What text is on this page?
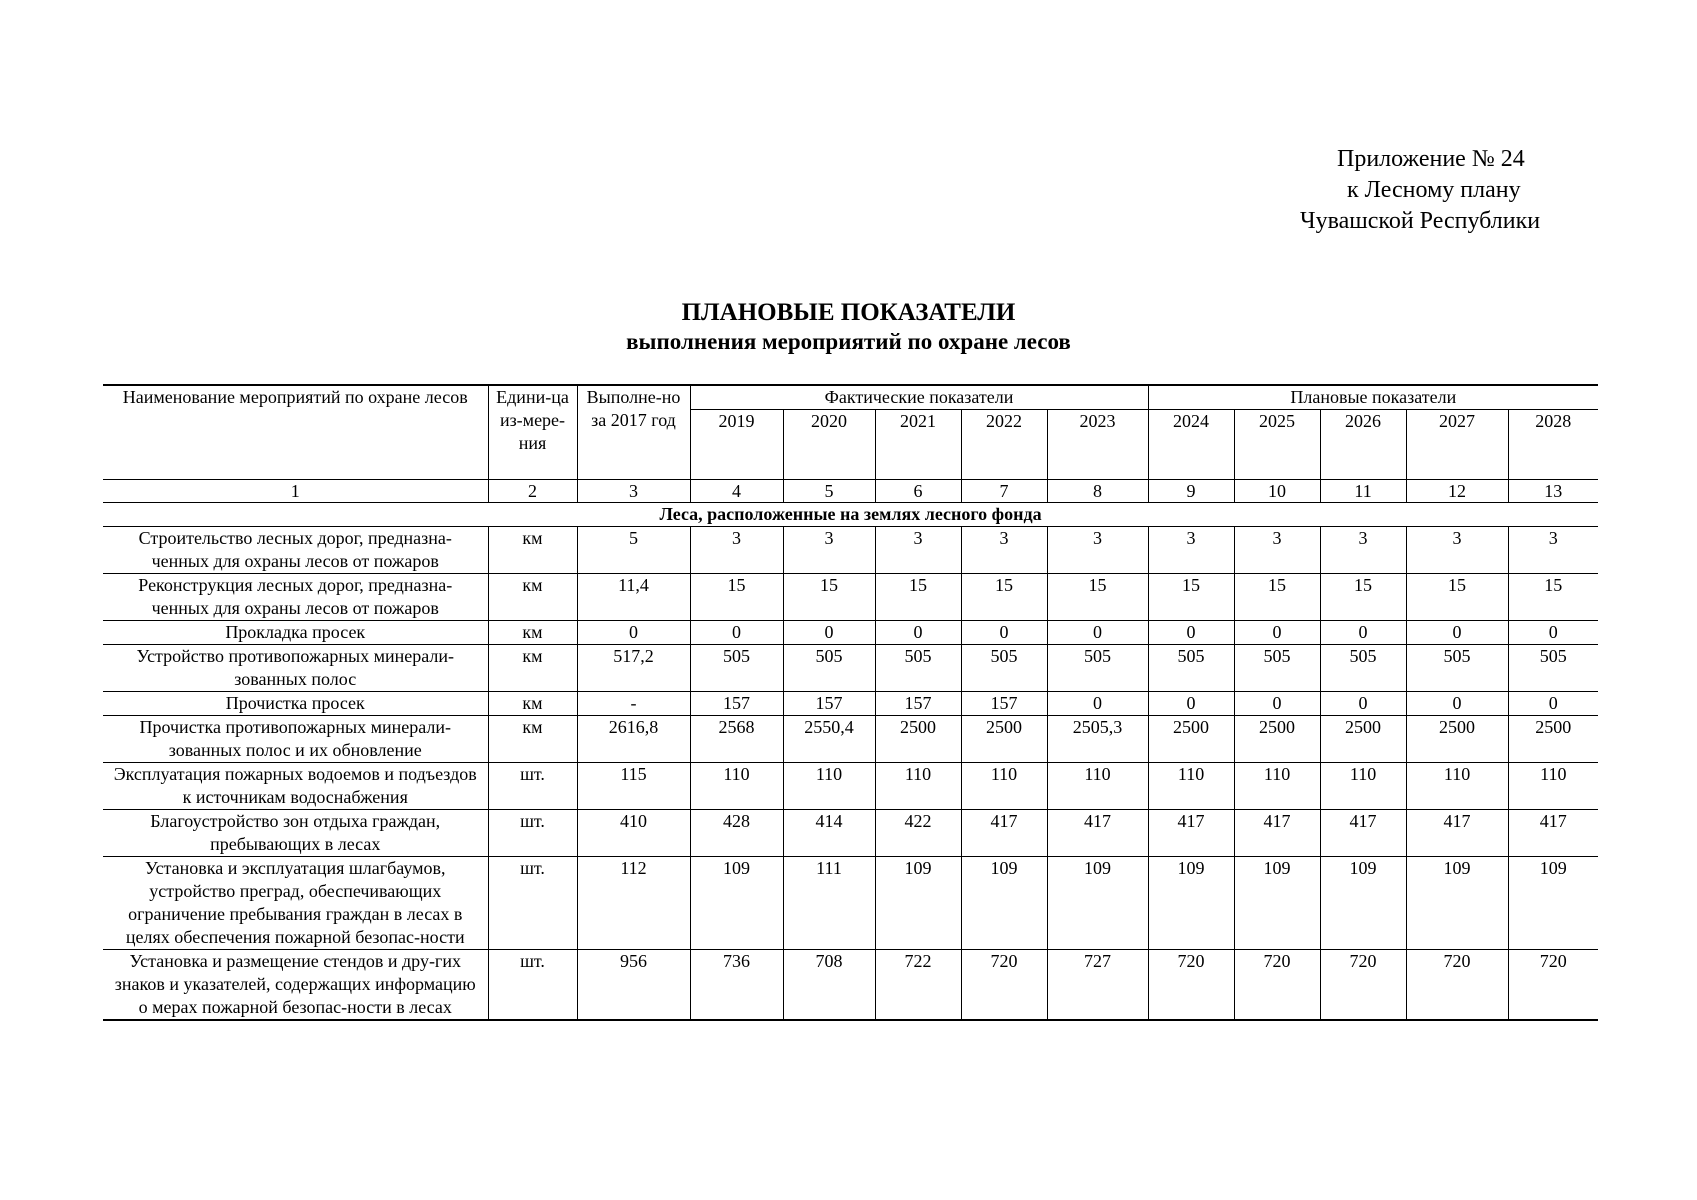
Приложение № 24
к Лесному плану
Чувашской Республики
ПЛАНОВЫЕ ПОКАЗАТЕЛИ
выполнения мероприятий по охране лесов
Наименование мероприятий по охране лесов	Едини-ца из-мере-ния	Выполне-но за 2017 год	Фактические показатели					Плановые показатели				
			2019	2020	2021	2022	2023	2024	2025	2026	2027	2028
1	2	3	4	5	6	7	8	9	10	11	12	13
Леса, расположенные на землях лесного фонда												
Строительство лесных дорог, предназна-ченных для охраны лесов от пожаров	км	5	3	3	3	3	3	3	3	3	3	3
Реконструкция лесных дорог, предназна-ченных для охраны лесов от пожаров	км	11,4	15	15	15	15	15	15	15	15	15	15
Прокладка просек	км	0	0	0	0	0	0	0	0	0	0	0
Устройство противопожарных минерали-зованных полос	км	517,2	505	505	505	505	505	505	505	505	505	505
Прочистка просек	км	-	157	157	157	157	0	0	0	0	0	0
Прочистка противопожарных минерали-зованных полос и их обновление	км	2616,8	2568	2550,4	2500	2500	2505,3	2500	2500	2500	2500	2500
Эксплуатация пожарных водоемов и подъездов к источникам водоснабжения	шт.	115	110	110	110	110	110	110	110	110	110	110
Благоустройство зон отдыха граждан, пребывающих в лесах	шт.	410	428	414	422	417	417	417	417	417	417	417
Установка и эксплуатация шлагбаумов, устройство преград, обеспечивающих ограничение пребывания граждан в лесах в целях обеспечения пожарной безопас-ности	шт.	112	109	111	109	109	109	109	109	109	109	109
Установка и размещение стендов и дру-гих знаков и указателей, содержащих информацию о мерах пожарной безопас-ности в лесах	шт.	956	736	708	722	720	727	720	720	720	720	720
